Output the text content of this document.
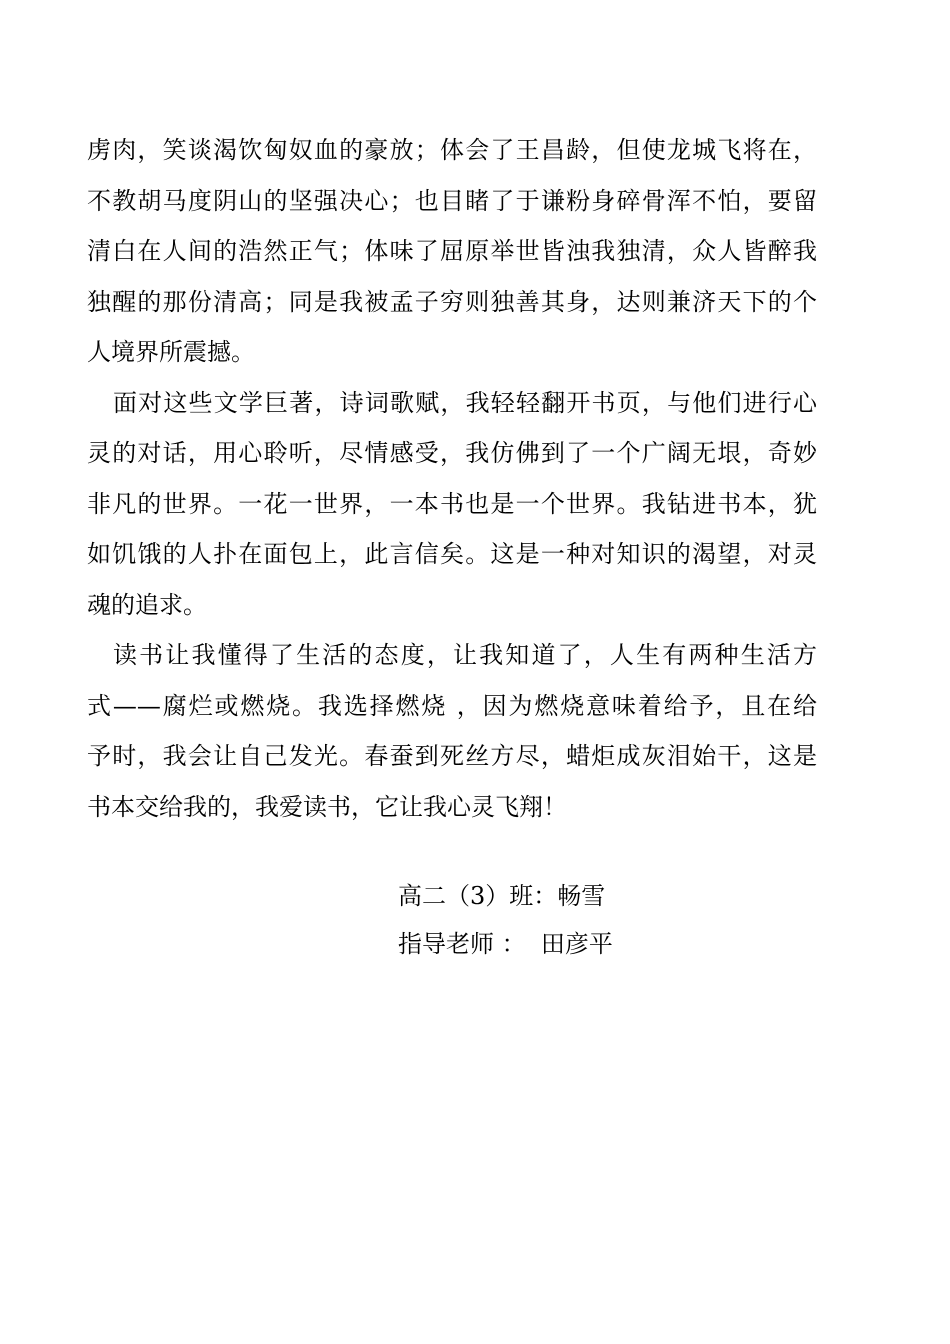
虏肉，笑谈渴饮匈奴血的豪放；体会了王昌龄，但使龙城飞将在，
不教胡马度阴山的坚强决心；也目睹了于谦粉身碎骨浑不怕，要留
清白在人间的浩然正气；体味了屈原举世皆浊我独清，众人皆醉我
独醒的那份清高；同是我被孟子穷则独善其身，达则兼济天下的个
人境界所震撼。
面对这些文学巨著，诗词歌赋，我轻轻翻开书页，与他们进行心
灵的对话，用心聆听，尽情感受，我仿佛到了一个广阔无垠，奇妙
非凡的世界。一花一世界，一本书也是一个世界。我钻进书本，犹
如饥饿的人扑在面包上，此言信矣。这是一种对知识的渴望，对灵
魂的追求。
读书让我懂得了生活的态度，让我知道了，人生有两种生活方
式——腐烂或燃烧。我选择燃烧 ，因为燃烧意味着给予，且在给
予时，我会让自己发光。春蚕到死丝方尽，蜡炬成灰泪始干，这是
书本交给我的，我爱读书，它让我心灵飞翔！
高二（3）班：畅雪
指导老师 ：  田彦平
